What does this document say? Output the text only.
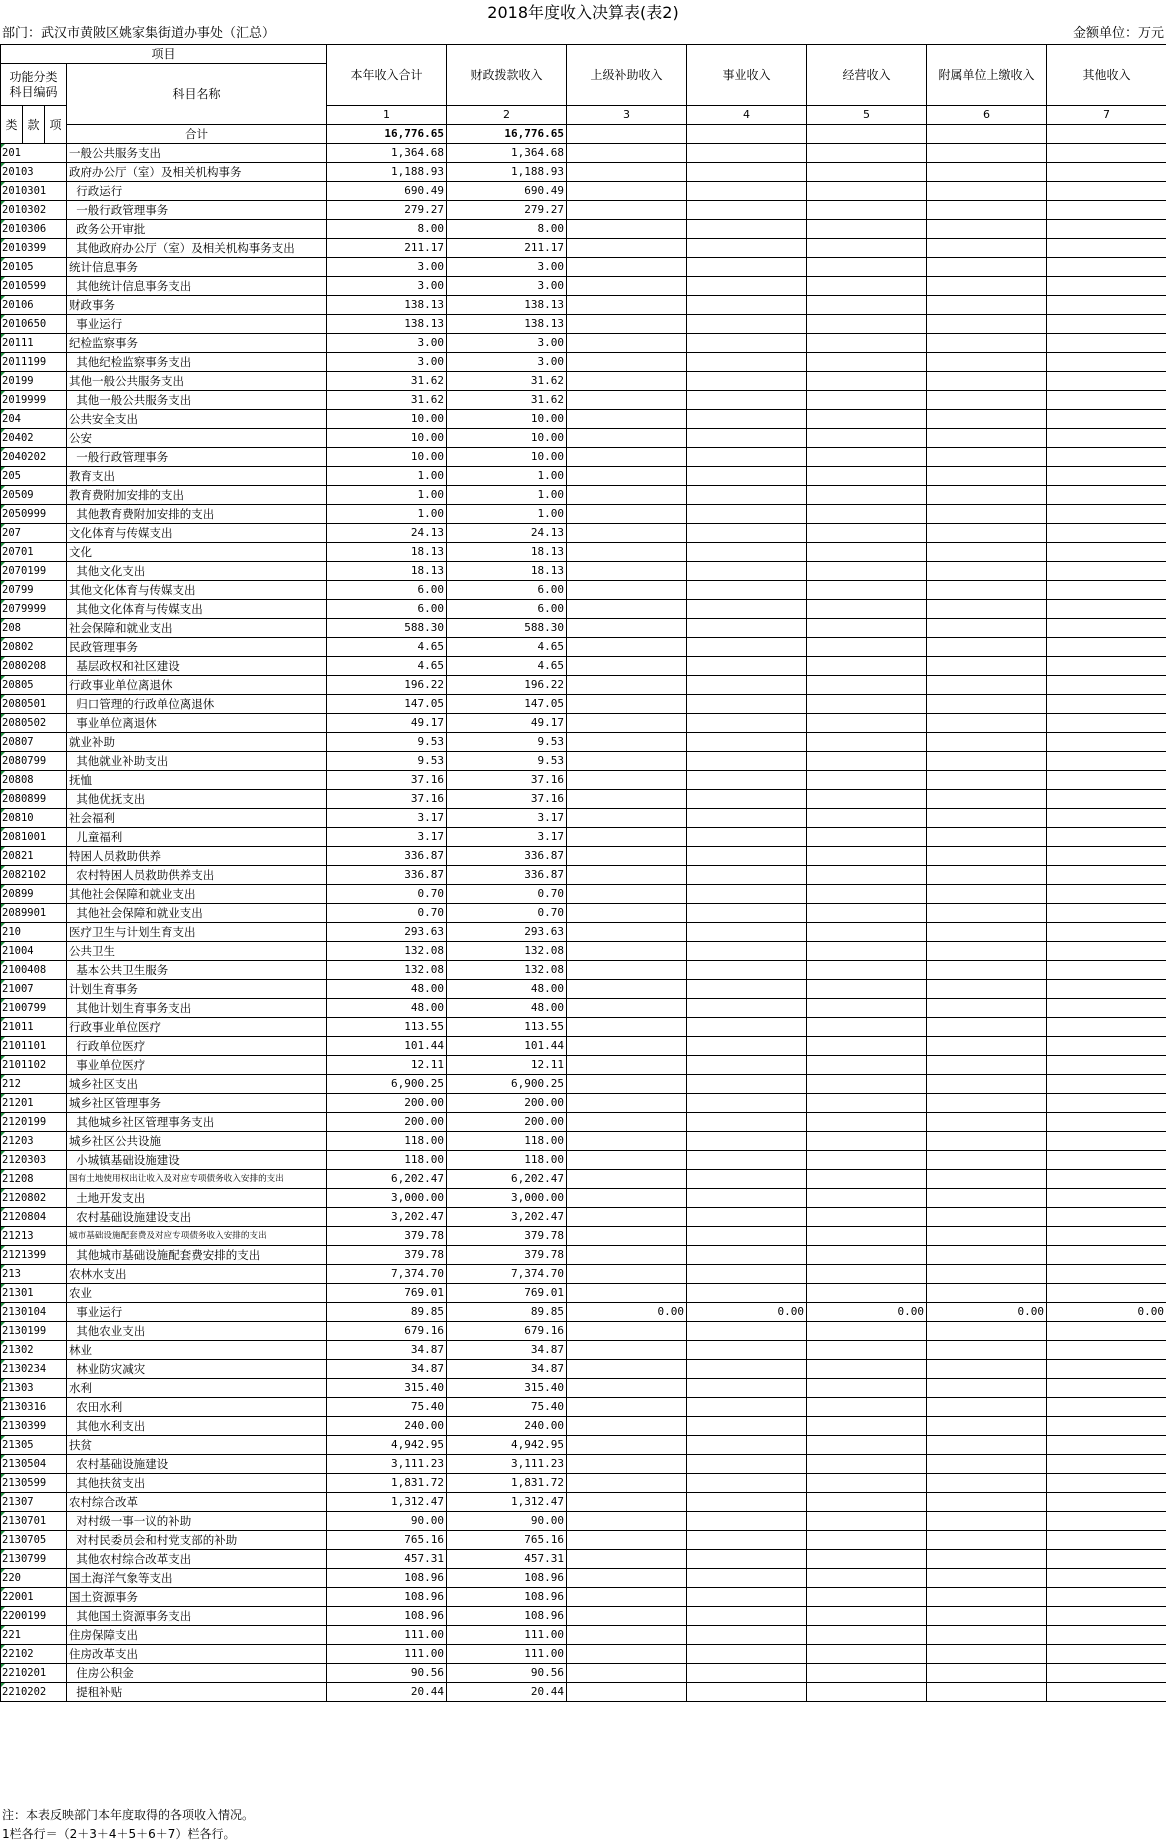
2018年度收入决算表(表2)
部门：武汉市黄陂区姚家集街道办事处（汇总）	金额单位：万元
项目				本年收入合计	财政拨款收入	上级补助收入	事业收入	经营收入	附属单位上缴收入	其他收入
功能分类
科目编码			科目名称							

类	款	项		1	2	3	4	5	6	7
			合计	16,776.65	16,776.65					
201			一般公共服务支出	1,364.68	1,364.68					
20103			政府办公厅（室）及相关机构事务	1,188.93	1,188.93					
2010301			行政运行	690.49	690.49					
2010302			一般行政管理事务	279.27	279.27					
2010306			政务公开审批	8.00	8.00					
2010399			其他政府办公厅（室）及相关机构事务支出	211.17	211.17					
20105			统计信息事务	3.00	3.00					
2010599			其他统计信息事务支出	3.00	3.00					
20106			财政事务	138.13	138.13					
2010650			事业运行	138.13	138.13					
20111			纪检监察事务	3.00	3.00					
2011199			其他纪检监察事务支出	3.00	3.00					
20199			其他一般公共服务支出	31.62	31.62					
2019999			其他一般公共服务支出	31.62	31.62					
204			公共安全支出	10.00	10.00					
20402			公安	10.00	10.00					
2040202			一般行政管理事务	10.00	10.00					
205			教育支出	1.00	1.00					
20509			教育费附加安排的支出	1.00	1.00					
2050999			其他教育费附加安排的支出	1.00	1.00					
207			文化体育与传媒支出	24.13	24.13					
20701			文化	18.13	18.13					
2070199			其他文化支出	18.13	18.13					
20799			其他文化体育与传媒支出	6.00	6.00					
2079999			其他文化体育与传媒支出	6.00	6.00					
208			社会保障和就业支出	588.30	588.30					
20802			民政管理事务	4.65	4.65					
2080208			基层政权和社区建设	4.65	4.65					
20805			行政事业单位离退休	196.22	196.22					
2080501			归口管理的行政单位离退休	147.05	147.05					
2080502			事业单位离退休	49.17	49.17					
20807			就业补助	9.53	9.53					
2080799			其他就业补助支出	9.53	9.53					
20808			抚恤	37.16	37.16					
2080899			其他优抚支出	37.16	37.16					
20810			社会福利	3.17	3.17					
2081001			儿童福利	3.17	3.17					
20821			特困人员救助供养	336.87	336.87					
2082102			农村特困人员救助供养支出	336.87	336.87					
20899			其他社会保障和就业支出	0.70	0.70					
2089901			其他社会保障和就业支出	0.70	0.70					
210			医疗卫生与计划生育支出	293.63	293.63					
21004			公共卫生	132.08	132.08					
2100408			基本公共卫生服务	132.08	132.08					
21007			计划生育事务	48.00	48.00					
2100799			其他计划生育事务支出	48.00	48.00					
21011			行政事业单位医疗	113.55	113.55					
2101101			行政单位医疗	101.44	101.44					
2101102			事业单位医疗	12.11	12.11					
212			城乡社区支出	6,900.25	6,900.25					
21201			城乡社区管理事务	200.00	200.00					
2120199			其他城乡社区管理事务支出	200.00	200.00					
21203			城乡社区公共设施	118.00	118.00					
2120303			小城镇基础设施建设	118.00	118.00					
21208			国有土地使用权出让收入及对应专项债务收入安排的支出	6,202.47	6,202.47					
2120802			土地开发支出	3,000.00	3,000.00					
2120804			农村基础设施建设支出	3,202.47	3,202.47					
21213			城市基础设施配套费及对应专项债务收入安排的支出	379.78	379.78					
2121399			其他城市基础设施配套费安排的支出	379.78	379.78					
213			农林水支出	7,374.70	7,374.70					
21301			农业	769.01	769.01					
2130104			事业运行	89.85	89.85	0.00	0.00	0.00	0.00	0.00
2130199			其他农业支出	679.16	679.16					
21302			林业	34.87	34.87					
2130234			林业防灾减灾	34.87	34.87					
21303			水利	315.40	315.40					
2130316			农田水利	75.40	75.40					
2130399			其他水利支出	240.00	240.00					
21305			扶贫	4,942.95	4,942.95					
2130504			农村基础设施建设	3,111.23	3,111.23					
2130599			其他扶贫支出	1,831.72	1,831.72					
21307			农村综合改革	1,312.47	1,312.47					
2130701			对村级一事一议的补助	90.00	90.00					
2130705			对村民委员会和村党支部的补助	765.16	765.16					
2130799			其他农村综合改革支出	457.31	457.31					
220			国土海洋气象等支出	108.96	108.96					
22001			国土资源事务	108.96	108.96					
2200199			其他国土资源事务支出	108.96	108.96					
221			住房保障支出	111.00	111.00					
22102			住房改革支出	111.00	111.00					
2210201			住房公积金	90.56	90.56					
2210202			提租补贴	20.44	20.44					
注：本表反映部门本年度取得的各项收入情况。
1栏各行＝（2＋3＋4＋5＋6＋7）栏各行。
